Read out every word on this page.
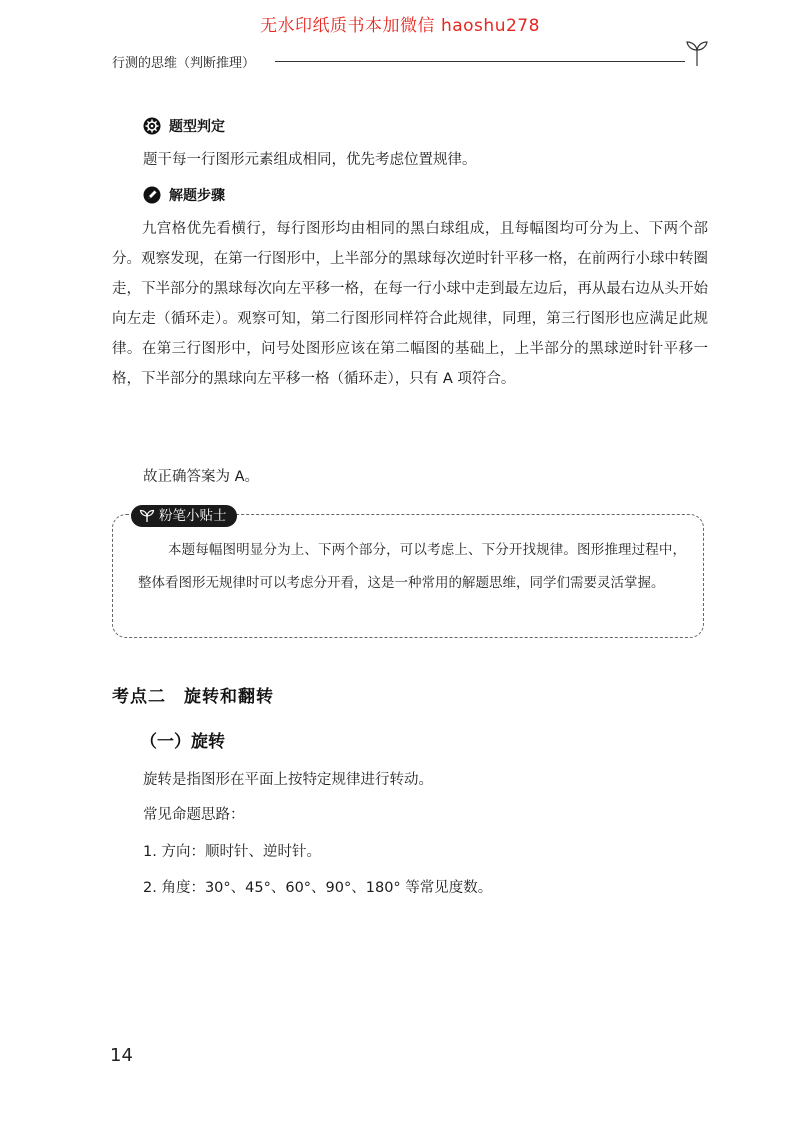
无水印纸质书本加微信 haoshu278
行测的思维（判断推理）
题型判定
题干每一行图形元素组成相同，优先考虑位置规律。
解题步骤
九宫格优先看横行，每行图形均由相同的黑白球组成，且每幅图均可分为上、下两个部分。观察发现，在第一行图形中，上半部分的黑球每次逆时针平移一格，在前两行小球中转圈走，下半部分的黑球每次向左平移一格，在每一行小球中走到最左边后，再从最右边从头开始向左走（循环走）。观察可知，第二行图形同样符合此规律，同理，第三行图形也应满足此规律。在第三行图形中，问号处图形应该在第二幅图的基础上，上半部分的黑球逆时针平移一格，下半部分的黑球向左平移一格（循环走），只有 A 项符合。
故正确答案为 A。
粉笔小贴士
本题每幅图明显分为上、下两个部分，可以考虑上、下分开找规律。图形推理过程中，整体看图形无规律时可以考虑分开看，这是一种常用的解题思维，同学们需要灵活掌握。
考点二　旋转和翻转
（一）旋转
旋转是指图形在平面上按特定规律进行转动。
常见命题思路：
1. 方向：顺时针、逆时针。
2. 角度：30°、45°、60°、90°、180° 等常见度数。
14
